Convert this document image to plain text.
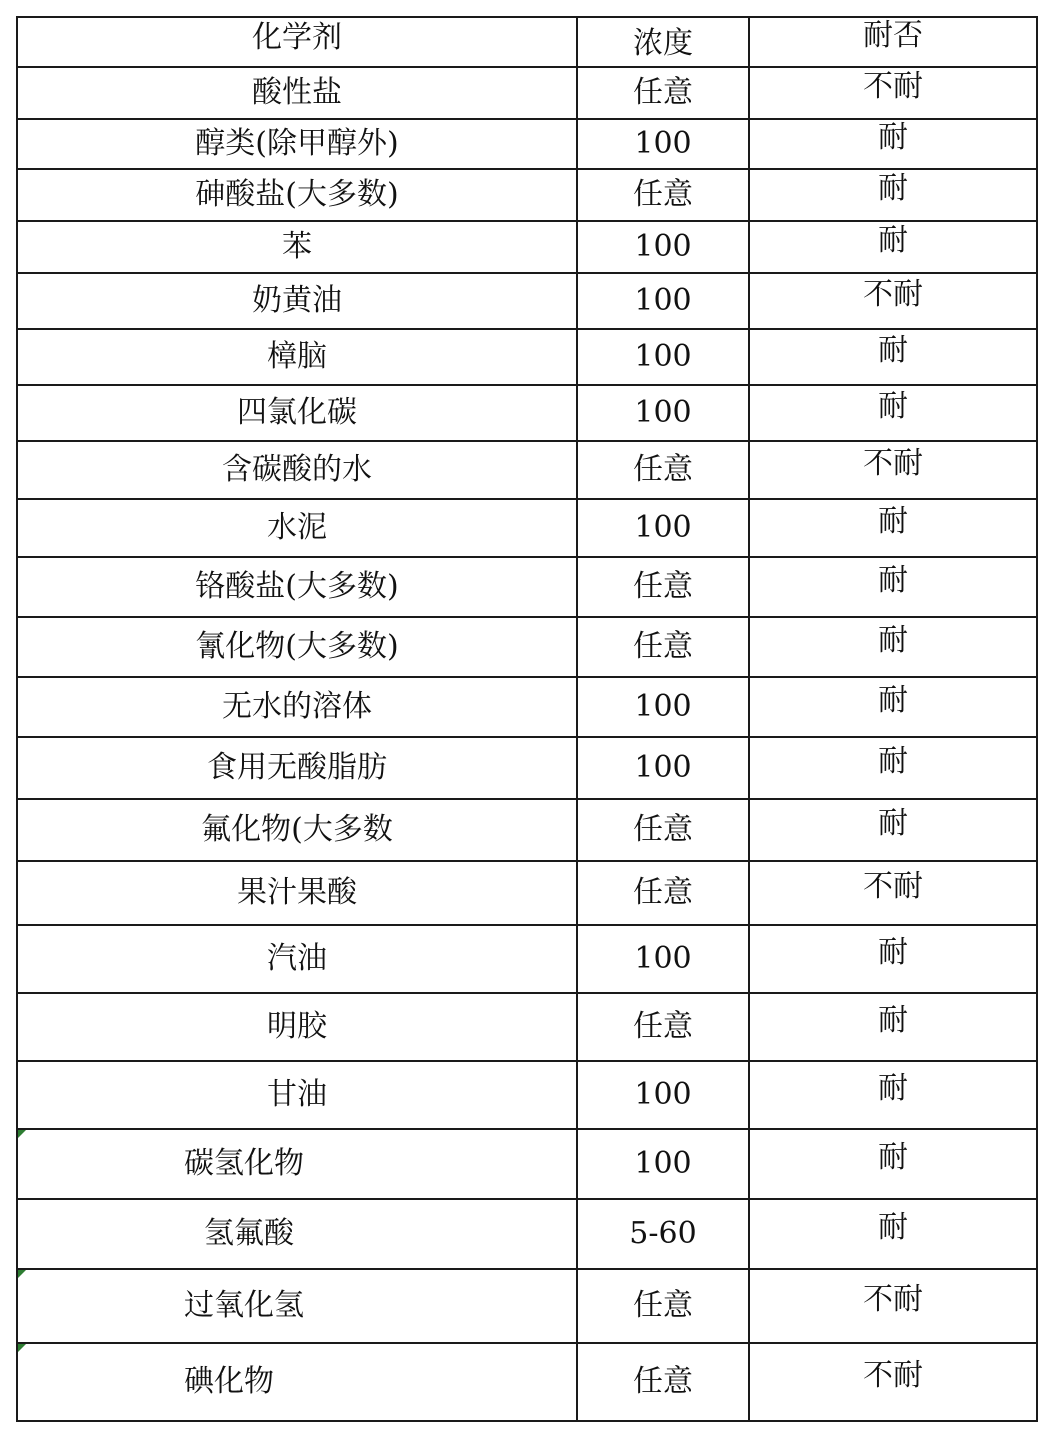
化学剂	浓度	耐否
酸性盐	任意	不耐
醇类(除甲醇外)	100	耐
砷酸盐(大多数)	任意	耐
苯	100	耐
奶黄油	100	不耐
樟脑	100	耐
四氯化碳	100	耐
含碳酸的水	任意	不耐
水泥	100	耐
铬酸盐(大多数)	任意	耐
氰化物(大多数)	任意	耐
无水的溶体	100	耐
食用无酸脂肪	100	耐
氟化物(大多数	任意	耐
果汁果酸	任意	不耐
汽油	100	耐
明胶	任意	耐
甘油	100	耐

碳氢化物	100	耐
氢氟酸	5-60	耐

过氧化氢	任意	不耐

碘化物	任意	不耐
